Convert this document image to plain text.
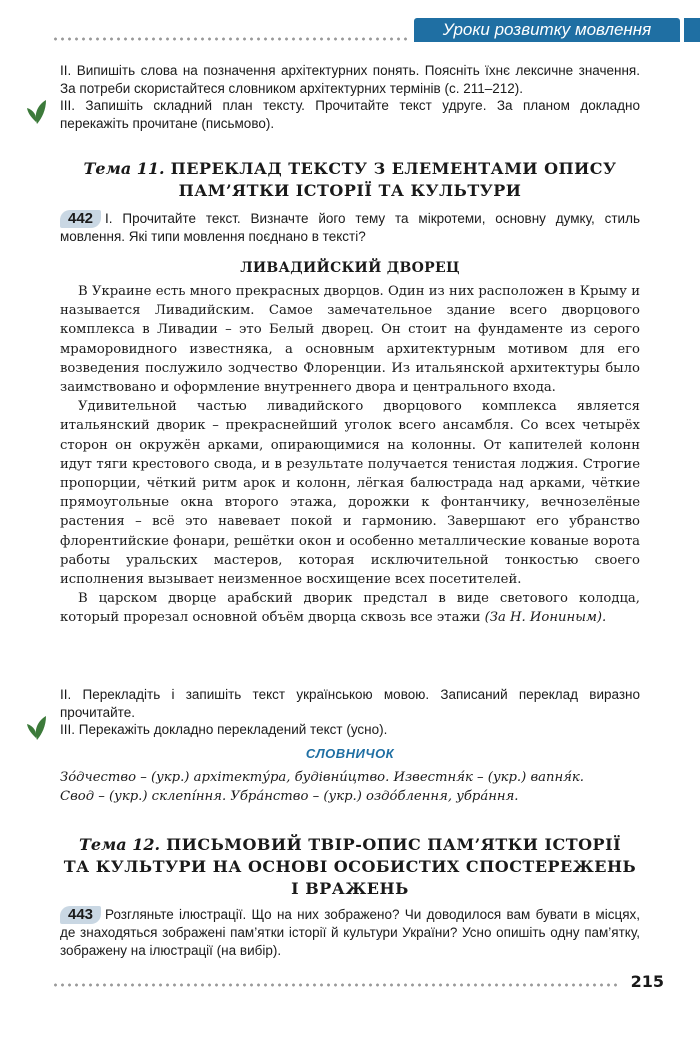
Уроки розвитку мовлення

II. Випишіть слова на позначення архітектурних понять. Поясніть їхнє лексичне значення. За потреби скористайтеся словником архітектурних термінів (с. 211–212).

III. Запишіть складний план тексту. Прочитайте текст удруге. За планом докладно перекажіть прочитане (письмово).

Тема 11. ПЕРЕКЛАД ТЕКСТУ З ЕЛЕМЕНТАМИ ОПИСУ
ПАМ’ЯТКИ ІСТОРІЇ ТА КУЛЬТУРИ

442 I. Прочитайте текст. Визначте його тему та мікротеми, основну думку, стиль мовлення. Які типи мовлення поєднано в тексті?

ЛИВАДИЙСКИЙ ДВОРЕЦ

В Украине есть много прекрасных дворцов. Один из них расположен в Крыму и называется Ливадийским. Самое замечательное здание всего дворцового комплекса в Ливадии – это Белый дворец. Он стоит на фундаменте из серого мраморовидного известняка, а основным архитектурным мотивом для его возведения послужило зодчество Флоренции. Из итальянской архитектуры было заимствовано и оформление внутреннего двора и центрального входа.

Удивительной частью ливадийского дворцового комплекса является итальянский дворик – прекраснейший уголок всего ансамбля. Со всех четырёх сторон он окружён арками, опирающимися на колонны. От капителей колонн идут тяги крестового свода, и в результате получается тенистая лоджия. Строгие пропорции, чёткий ритм арок и колонн, лёгкая балюстрада над арками, чёткие прямоугольные окна второго этажа, дорожки к фонтанчику, вечнозелёные растения – всё это навевает покой и гармонию. Завершают его убранство флорентийские фонари, решётки окон и особенно металлические кованые ворота работы уральских мастеров, которая исключительной тонкостью своего исполнения вызывает неизменное восхищение всех посетителей.

В царском дворце арабский дворик предстал в виде светового колодца, который прорезал основной объём дворца сквозь все этажи (За Н. Иониным).

II. Перекладіть і запишіть текст українською мовою. Записаний переклад виразно прочитайте.

III. Перекажіть докладно перекладений текст (усно).

СЛОВНИЧОК

Зо́дчество – (укр.) архітекту́ра, будівни́цтво. Известня́к – (укр.) вапня́к.

Свод – (укр.) склепі́ння. Убра́нство – (укр.) оздо́блення, убра́ння.

Тема 12. ПИСЬМОВИЙ ТВІР-ОПИС ПАМ’ЯТКИ ІСТОРІЇ
ТА КУЛЬТУРИ НА ОСНОВІ ОСОБИСТИХ СПОСТЕРЕЖЕНЬ
І ВРАЖЕНЬ

443 Розгляньте ілюстрації. Що на них зображено? Чи доводилося вам бувати в місцях, де знаходяться зображені пам’ятки історії й культури України? Усно опишіть одну пам’ятку, зображену на ілюстрації (на вибір).

215
